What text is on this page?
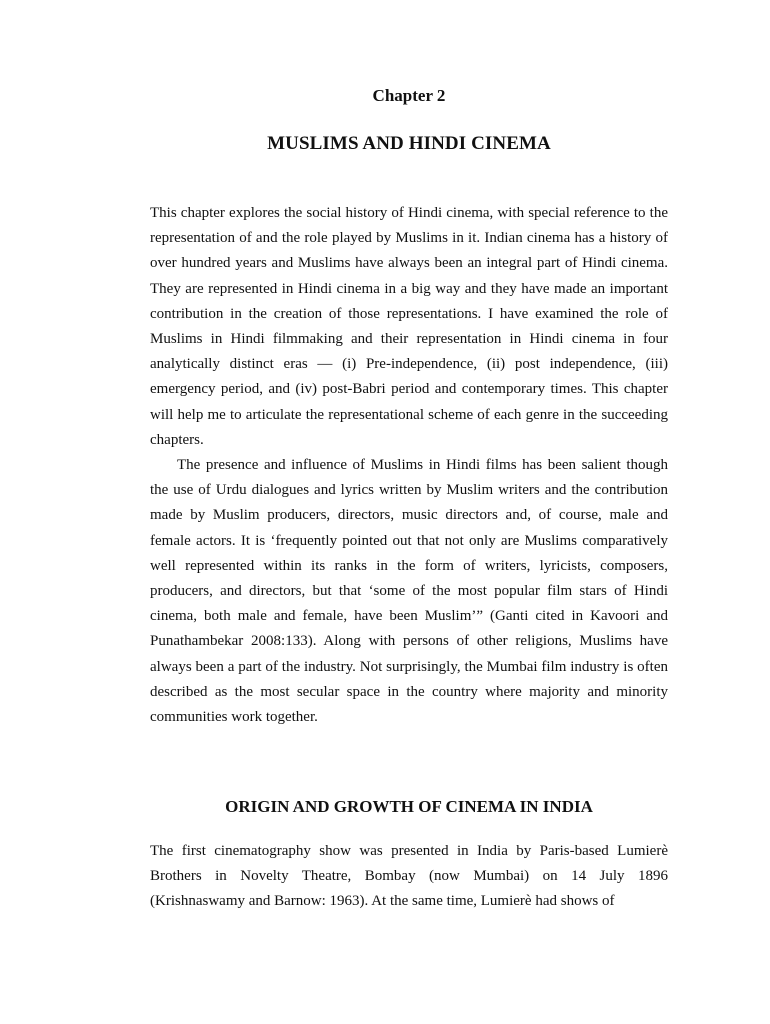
Chapter 2
MUSLIMS AND HINDI CINEMA

This chapter explores the social history of Hindi cinema, with special reference to the representation of and the role played by Muslims in it. Indian cinema has a history of over hundred years and Muslims have always been an integral part of Hindi cinema. They are represented in Hindi cinema in a big way and they have made an important contribution in the creation of those representations. I have examined the role of Muslims in Hindi filmmaking and their representation in Hindi cinema in four analytically distinct eras — (i) Pre-independence, (ii) post independence, (iii) emergency period, and (iv) post-Babri period and contemporary times. This chapter will help me to articulate the representational scheme of each genre in the succeeding chapters.

The presence and influence of Muslims in Hindi films has been salient though the use of Urdu dialogues and lyrics written by Muslim writers and the contribution made by Muslim producers, directors, music directors and, of course, male and female actors. It is ‘frequently pointed out that not only are Muslims comparatively well represented within its ranks in the form of writers, lyricists, composers, producers, and directors, but that ‘some of the most popular film stars of Hindi cinema, both male and female, have been Muslim’” (Ganti cited in Kavoori and Punathambekar 2008:133). Along with persons of other religions, Muslims have always been a part of the industry. Not surprisingly, the Mumbai film industry is often described as the most secular space in the country where majority and minority communities work together.

ORIGIN AND GROWTH OF CINEMA IN INDIA

The first cinematography show was presented in India by Paris-based Lumierè Brothers in Novelty Theatre, Bombay (now Mumbai) on 14 July 1896 (Krishnaswamy and Barnow: 1963). At the same time, Lumierè had shows of
